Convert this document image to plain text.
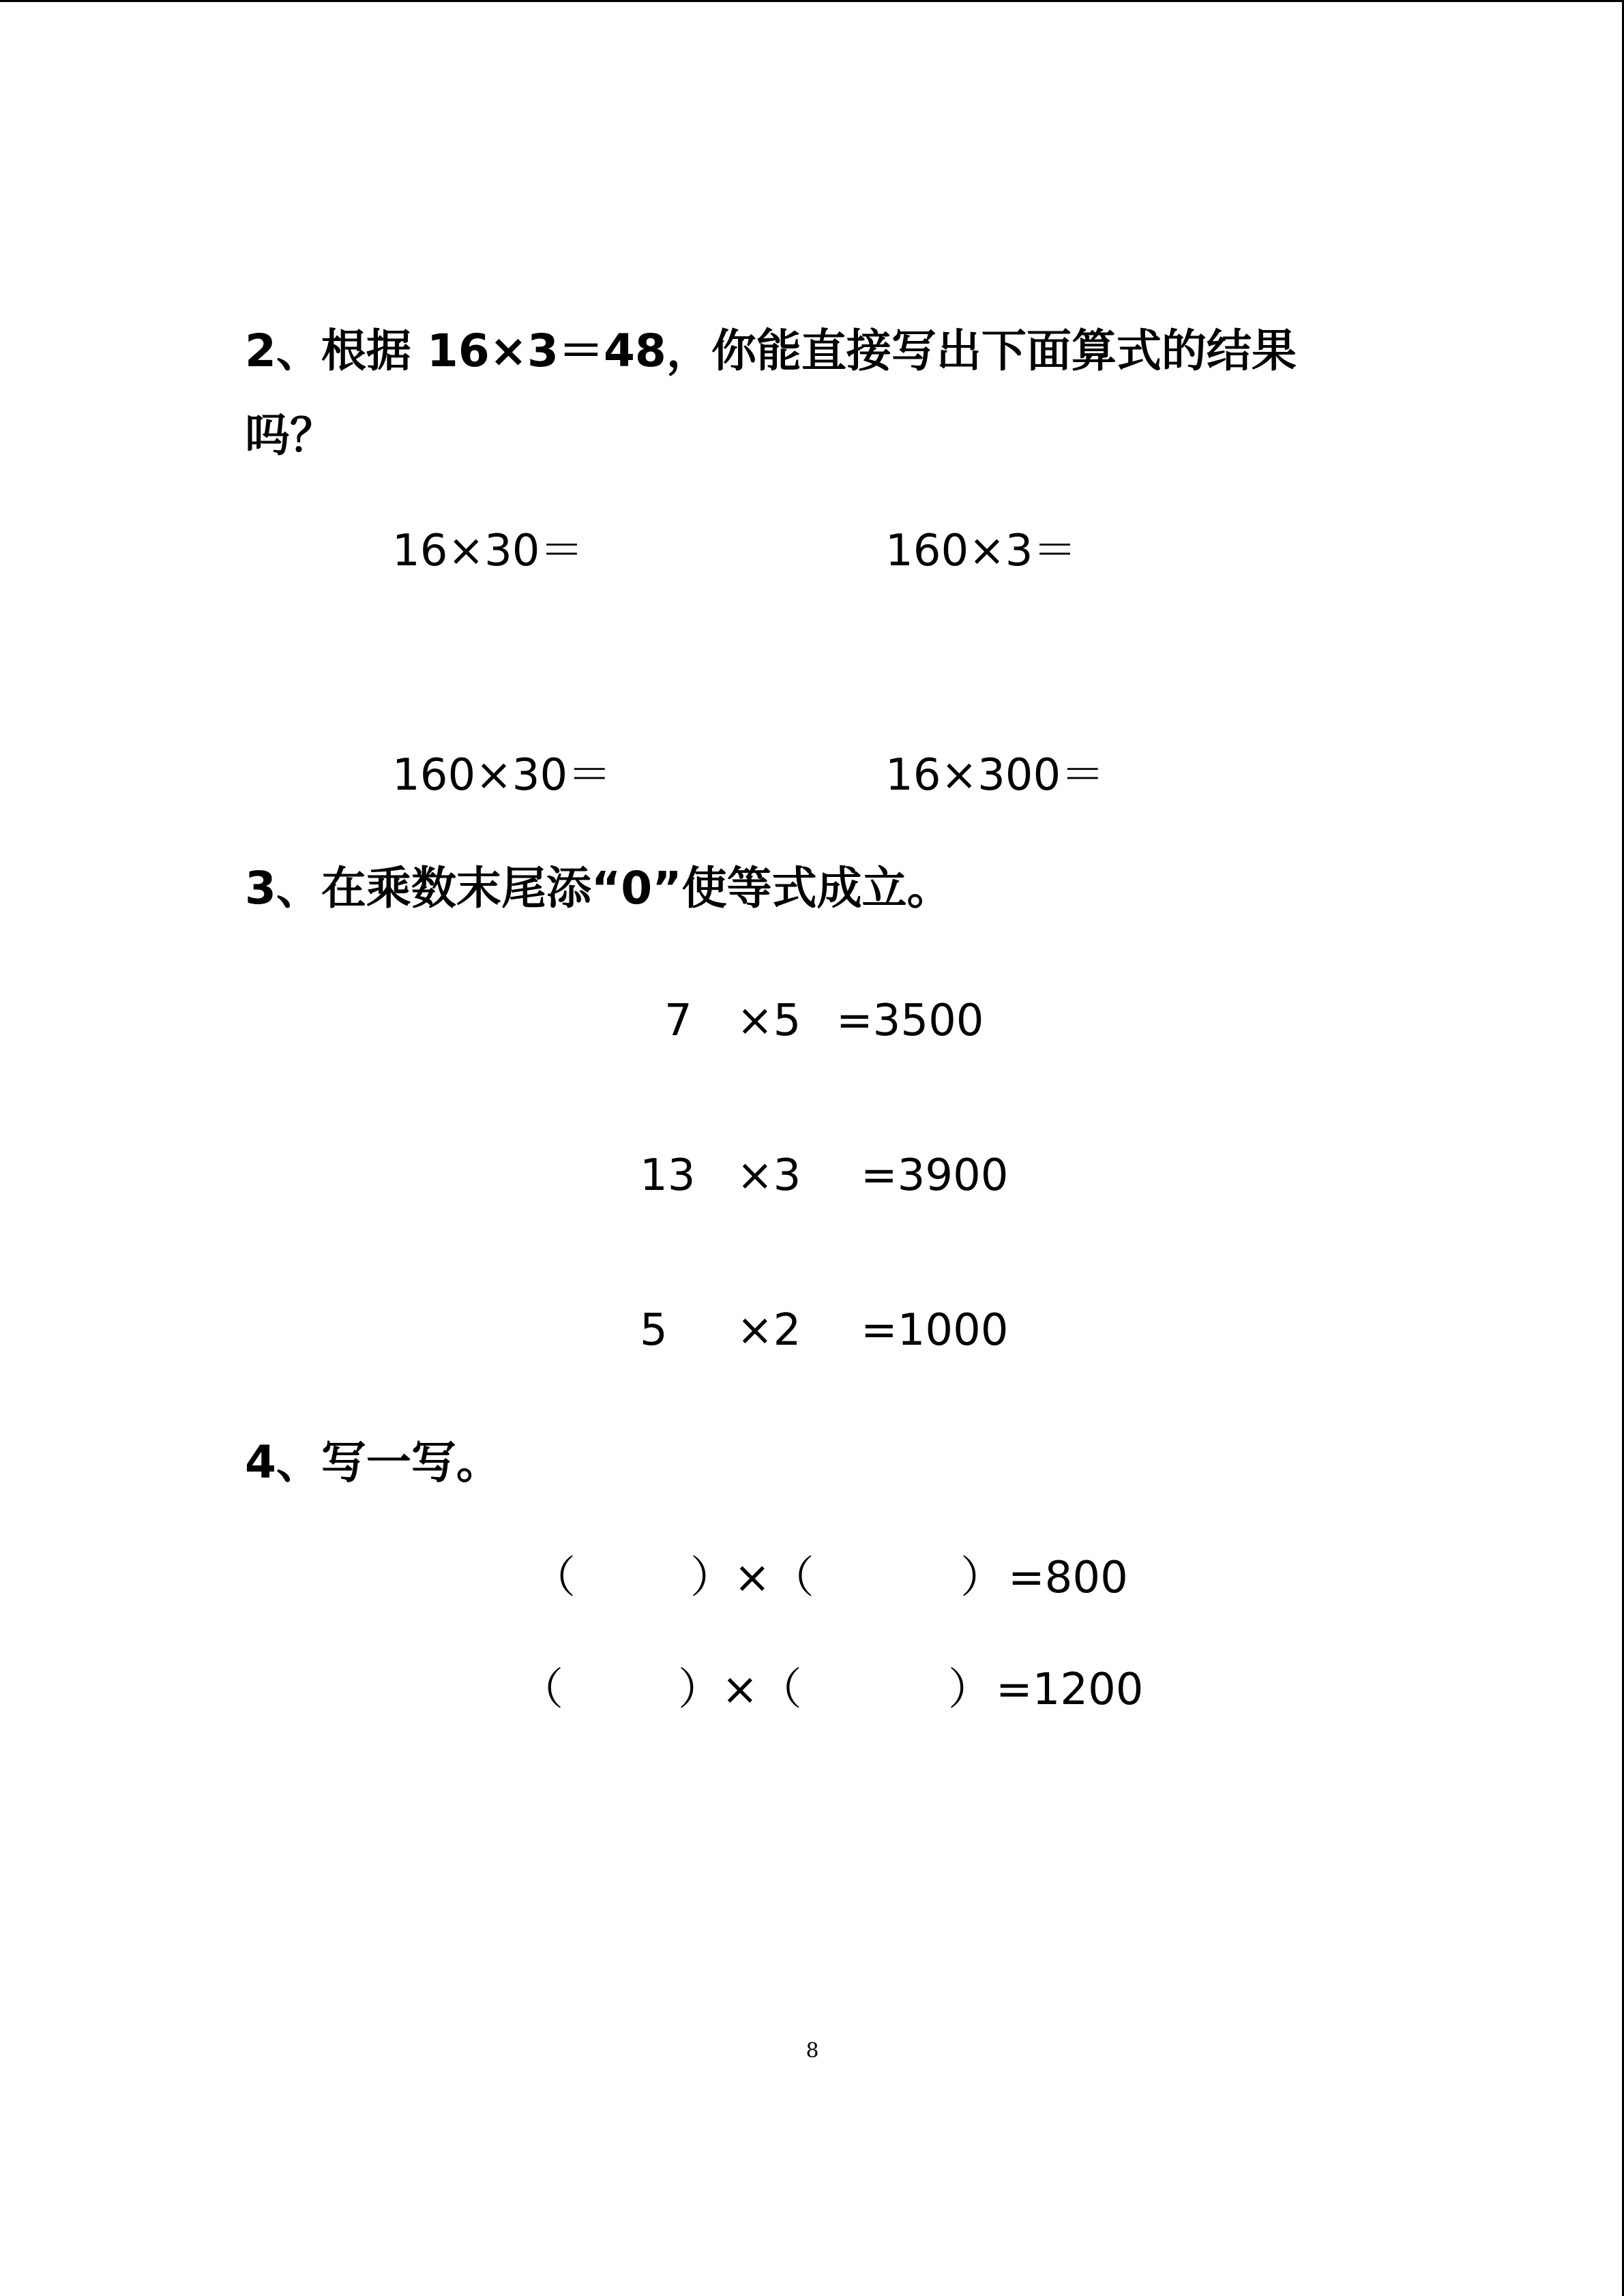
2、根据 16×3＝48，你能直接写出下面算式的结果
吗？
16×30＝	160×3＝
160×30＝	16×300＝
3、在乘数末尾添“0”使等式成立。
7 ×5 =3500
13 ×3 =3900
5 ×2 =1000
4、写一写。
（	）×（	） =800
（	）×（	） =1200
8
